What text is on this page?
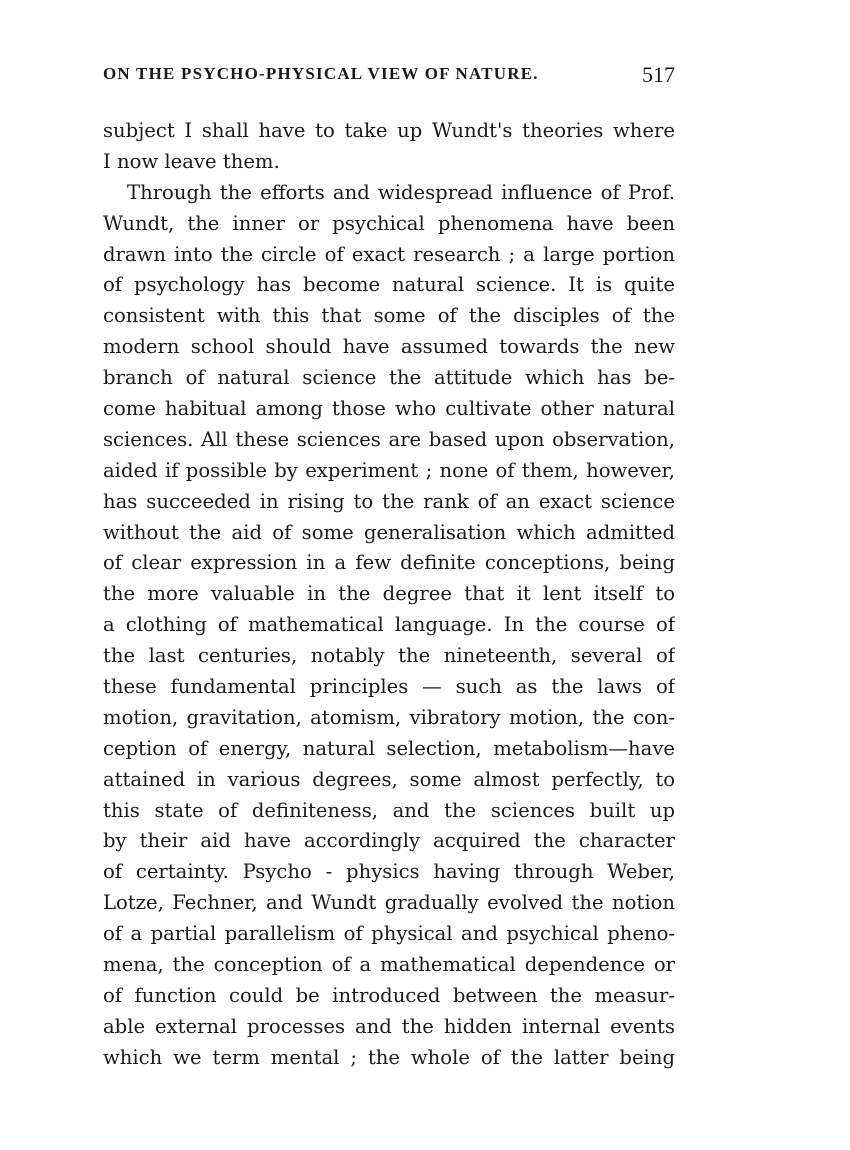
ON THE PSYCHO-PHYSICAL VIEW OF NATURE.	517
subject I shall have to take up Wundt's theories where
I now leave them.
Through the efforts and widespread influence of Prof.
Wundt, the inner or psychical phenomena have been
drawn into the circle of exact research ; a large portion
of psychology has become natural science. It is quite
consistent with this that some of the disciples of the
modern school should have assumed towards the new
branch of natural science the attitude which has be-
come habitual among those who cultivate other natural
sciences. All these sciences are based upon observation,
aided if possible by experiment ; none of them, however,
has succeeded in rising to the rank of an exact science
without the aid of some generalisation which admitted
of clear expression in a few definite conceptions, being
the more valuable in the degree that it lent itself to
a clothing of mathematical language. In the course of
the last centuries, notably the nineteenth, several of
these fundamental principles — such as the laws of
motion, gravitation, atomism, vibratory motion, the con-
ception of energy, natural selection, metabolism—have
attained in various degrees, some almost perfectly, to
this state of definiteness, and the sciences built up
by their aid have accordingly acquired the character
of certainty. Psycho - physics having through Weber,
Lotze, Fechner, and Wundt gradually evolved the notion
of a partial parallelism of physical and psychical pheno-
mena, the conception of a mathematical dependence or
of function could be introduced between the measur-
able external processes and the hidden internal events
which we term mental ; the whole of the latter being
